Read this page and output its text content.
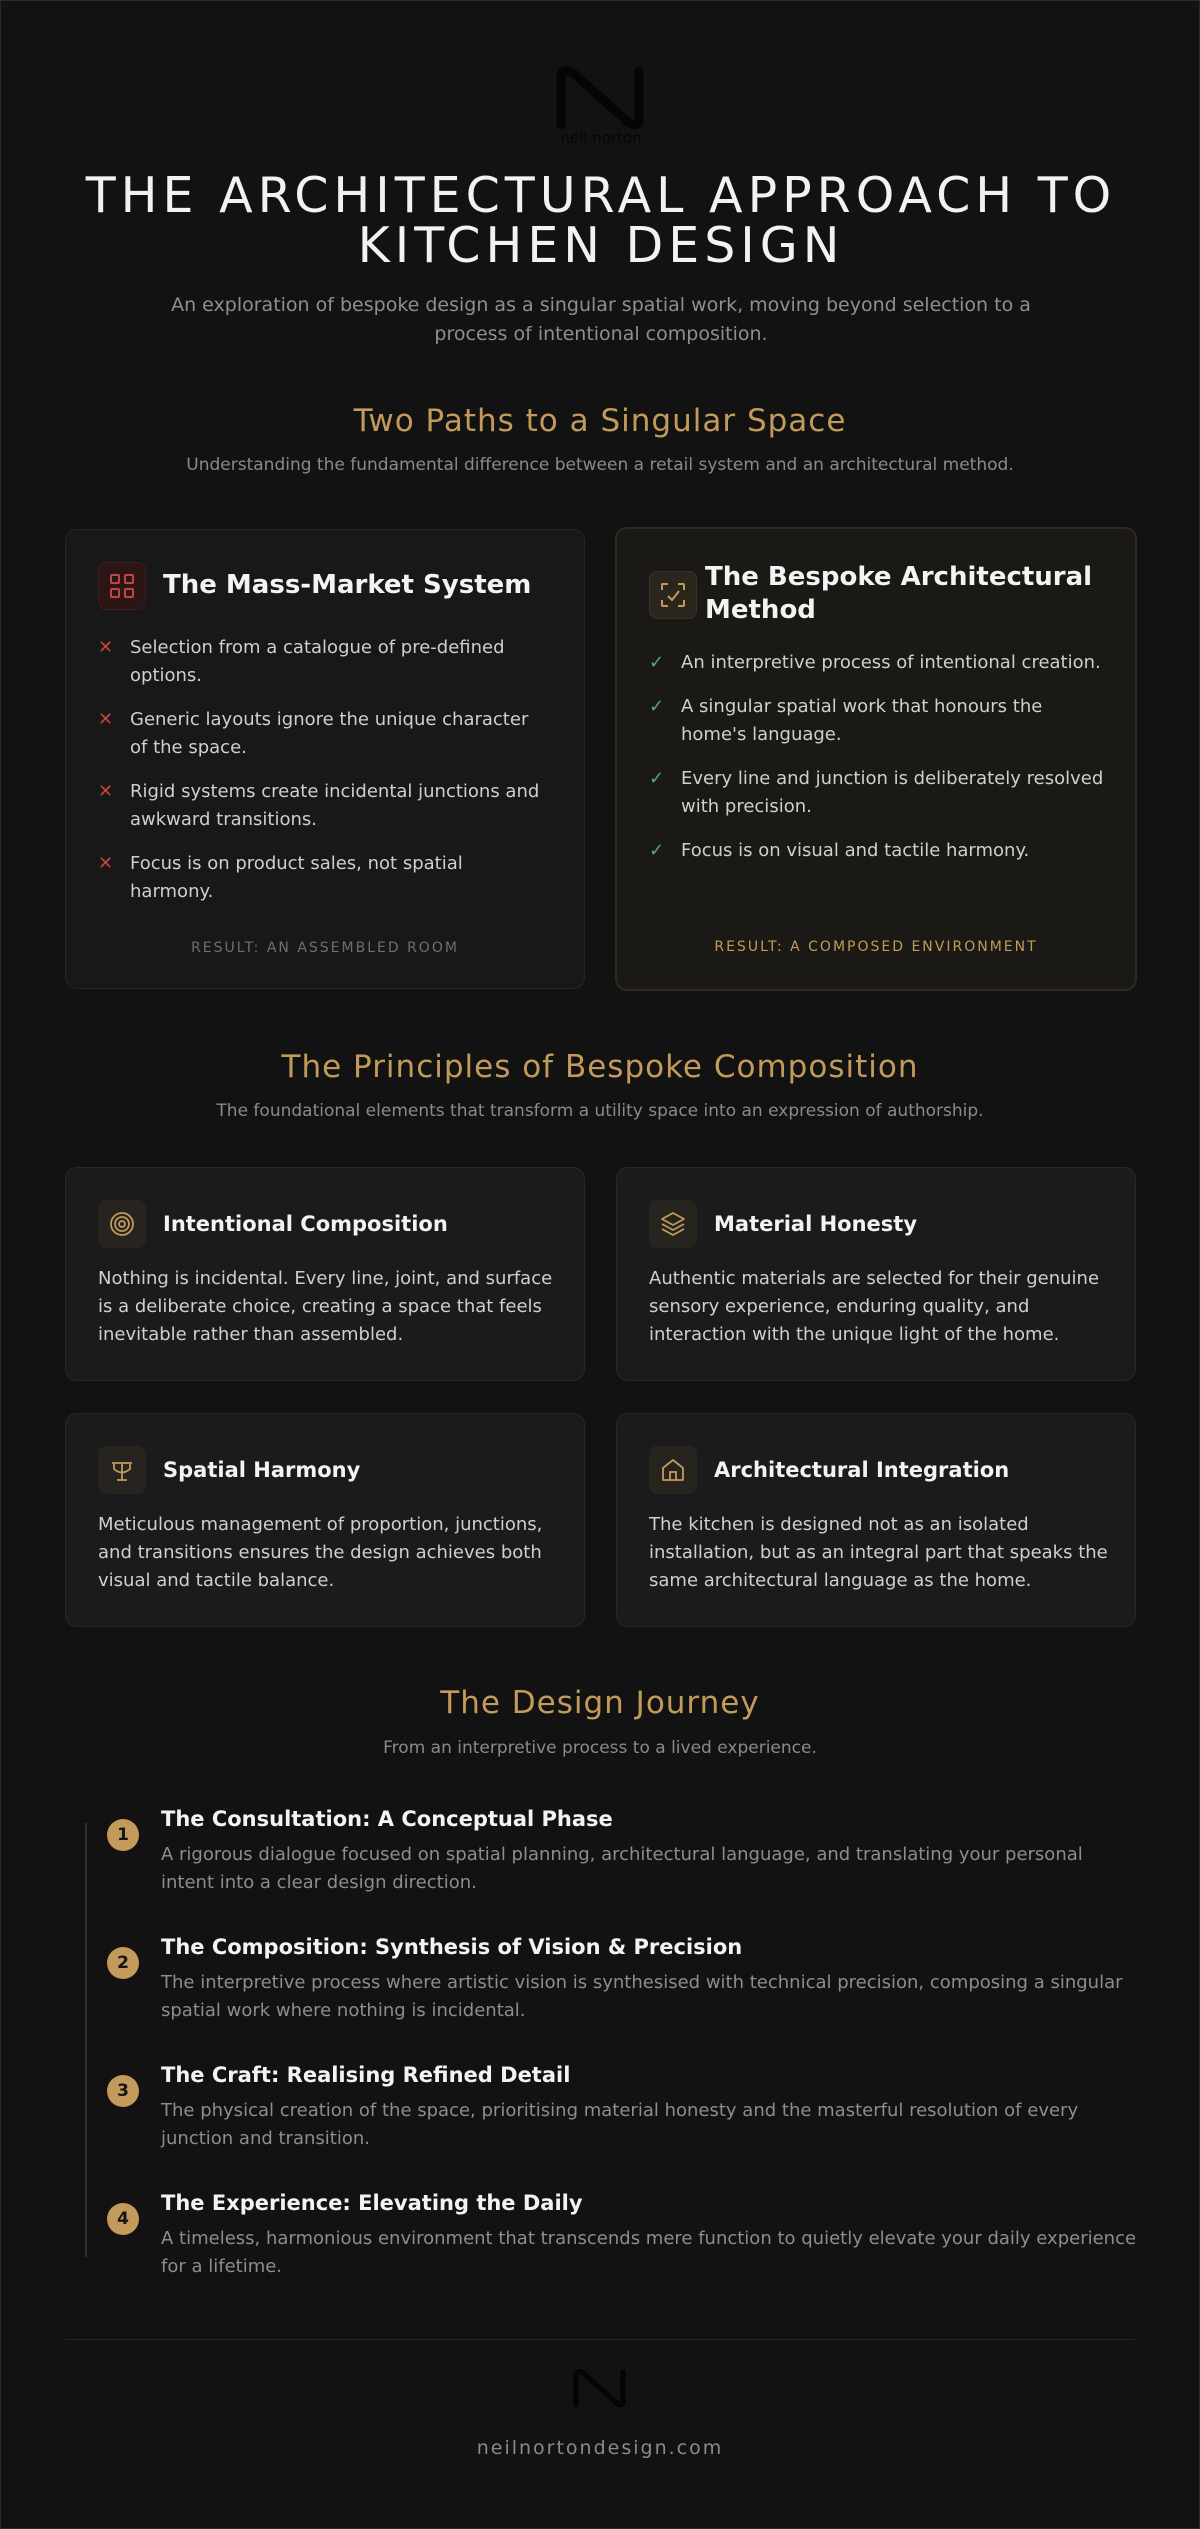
neil norton
THE ARCHITECTURAL APPROACH TO KITCHEN DESIGN

An exploration of bespoke design as a singular spatial work, moving beyond selection to a process of intentional composition.

Two Paths to a Singular Space

Understanding the fundamental difference between a retail system and an architectural method.

The Mass-Market System
✕ Selection from a catalogue of pre-defined options.
✕ Generic layouts ignore the unique character of the space.
✕ Rigid systems create incidental junctions and awkward transitions.
✕ Focus is on product sales, not spatial harmony.

RESULT: AN ASSEMBLED ROOM

The Bespoke Architectural Method
✓ An interpretive process of intentional creation.
✓ A singular spatial work that honours the home's language.
✓ Every line and junction is deliberately resolved with precision.
✓ Focus is on visual and tactile harmony.

RESULT: A COMPOSED ENVIRONMENT

The Principles of Bespoke Composition

The foundational elements that transform a utility space into an expression of authorship.

Intentional Composition

Nothing is incidental. Every line, joint, and surface is a deliberate choice, creating a space that feels inevitable rather than assembled.

Material Honesty

Authentic materials are selected for their genuine sensory experience, enduring quality, and interaction with the unique light of the home.

Spatial Harmony

Meticulous management of proportion, junctions, and transitions ensures the design achieves both visual and tactile balance.

Architectural Integration

The kitchen is designed not as an isolated installation, but as an integral part that speaks the same architectural language as the home.

The Design Journey

From an interpretive process to a lived experience.

1
The Consultation: A Conceptual Phase

A rigorous dialogue focused on spatial planning, architectural language, and translating your personal intent into a clear design direction.

2
The Composition: Synthesis of Vision & Precision

The interpretive process where artistic vision is synthesised with technical precision, composing a singular spatial work where nothing is incidental.

3
The Craft: Realising Refined Detail

The physical creation of the space, prioritising material honesty and the masterful resolution of every junction and transition.

4
The Experience: Elevating the Daily

A timeless, harmonious environment that transcends mere function to quietly elevate your daily experience for a lifetime.

neilnortondesign.com
